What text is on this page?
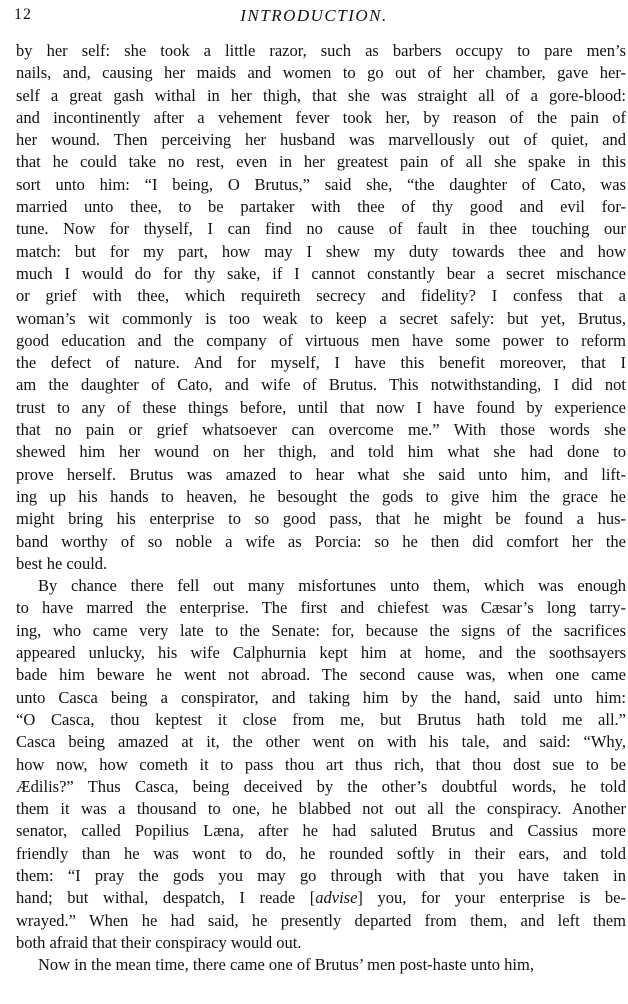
12	INTRODUCTION.
by her self: she took a little razor, such as barbers occupy to pare men’s
nails, and, causing her maids and women to go out of her chamber, gave her-
self a great gash withal in her thigh, that she was straight all of a gore-blood:
and incontinently after a vehement fever took her, by reason of the pain of
her wound. Then perceiving her husband was marvellously out of quiet, and
that he could take no rest, even in her greatest pain of all she spake in this
sort unto him: “I being, O Brutus,” said she, “the daughter of Cato, was
married unto thee, to be partaker with thee of thy good and evil for-
tune. Now for thyself, I can find no cause of fault in thee touching our
match: but for my part, how may I shew my duty towards thee and how
much I would do for thy sake, if I cannot constantly bear a secret mischance
or grief with thee, which requireth secrecy and fidelity? I confess that a
woman’s wit commonly is too weak to keep a secret safely: but yet, Brutus,
good education and the company of virtuous men have some power to reform
the defect of nature. And for myself, I have this benefit moreover, that I
am the daughter of Cato, and wife of Brutus. This notwithstanding, I did not
trust to any of these things before, until that now I have found by experience
that no pain or grief whatsoever can overcome me.” With those words she
shewed him her wound on her thigh, and told him what she had done to
prove herself. Brutus was amazed to hear what she said unto him, and lift-
ing up his hands to heaven, he besought the gods to give him the grace he
might bring his enterprise to so good pass, that he might be found a hus-
band worthy of so noble a wife as Porcia: so he then did comfort her the
best he could.
By chance there fell out many misfortunes unto them, which was enough
to have marred the enterprise. The first and chiefest was Cæsar’s long tarry-
ing, who came very late to the Senate: for, because the signs of the sacrifices
appeared unlucky, his wife Calphurnia kept him at home, and the soothsayers
bade him beware he went not abroad. The second cause was, when one came
unto Casca being a conspirator, and taking him by the hand, said unto him:
“O Casca, thou keptest it close from me, but Brutus hath told me all.”
Casca being amazed at it, the other went on with his tale, and said: “Why,
how now, how cometh it to pass thou art thus rich, that thou dost sue to be
Ædilis?” Thus Casca, being deceived by the other’s doubtful words, he told
them it was a thousand to one, he blabbed not out all the conspiracy. Another
senator, called Popilius Læna, after he had saluted Brutus and Cassius more
friendly than he was wont to do, he rounded softly in their ears, and told
them: “I pray the gods you may go through with that you have taken in
hand; but withal, despatch, I reade [advise] you, for your enterprise is be-
wrayed.” When he had said, he presently departed from them, and left them
both afraid that their conspiracy would out.
Now in the mean time, there came one of Brutus’ men post-haste unto him,
